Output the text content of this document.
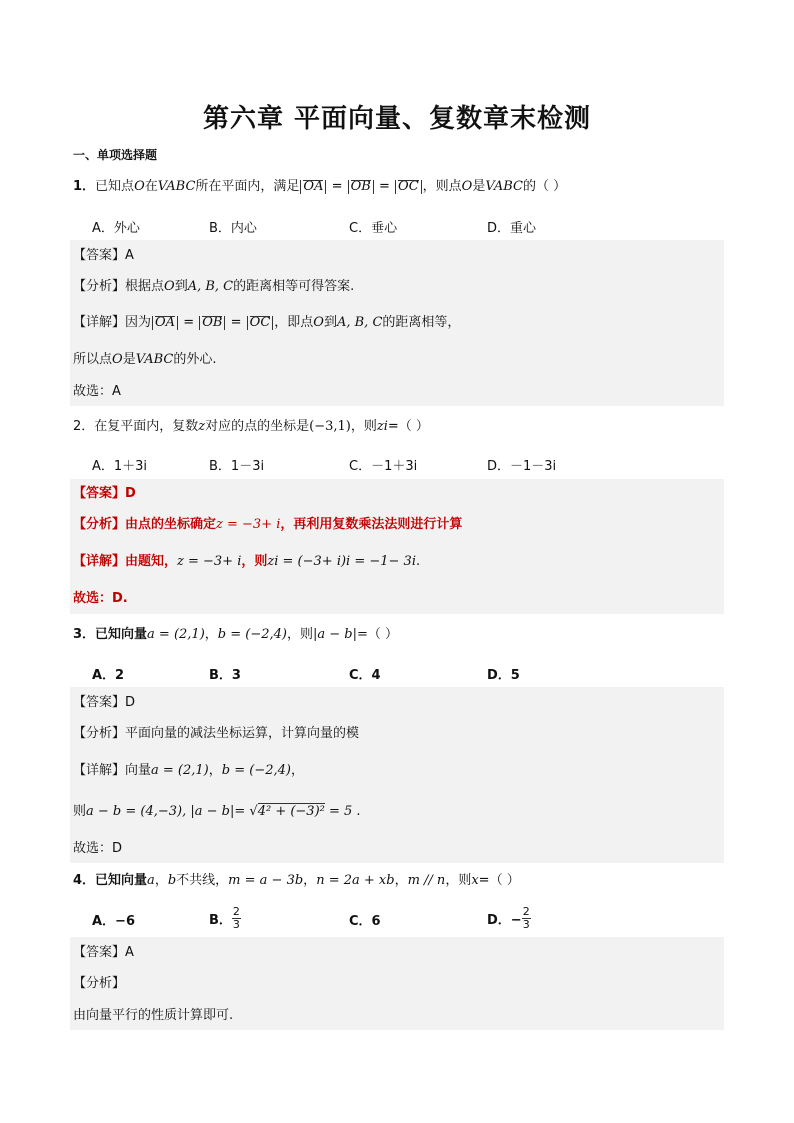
第六章 平面向量、复数章末检测
一、单项选择题
1．已知点O在VABC所在平面内，满足 OA = OB = OC ，则点O是VABC的（ ）
A．外心	B．内心	C．垂心	D．重心
【答案】A
【分析】根据点O到A, B, C的距离相等可得答案.
【详解】因为 OA = OB = OC ，即点O到A, B, C的距离相等，
所以点O是VABC的外心.
故选：A
2．在复平面内，复数z对应的点的坐标是(−3,1)，则zi=（ ）
A．1＋3i	B．1－3i	C．－1＋3i	D．－1－3i
【答案】D
【分析】由点的坐标确定z = −3+ i，再利用复数乘法法则进行计算
【详解】由题知，z = −3+ i，则zi = (−3+ i)i = −1− 3i.
故选：D.
3．已知向量a = (2,1)，b = (−2,4)，则|a − b|=（ ）
A．2	B．3	C．4	D．5
【答案】D
【分析】平面向量的减法坐标运算，计算向量的模
【详解】向量a = (2,1)，b = (−2,4)，
则a − b = (4,−3), |a − b|= √4² + (−3)² = 5 .
故选：D
4．已知向量a，b不共线，m = a − 3b，n = 2a + xb，m // n，则x=（ ）
A．−6	B． $\frac{2}{3}$	C．6	D．− $\frac{2}{3}$
【答案】A
【分析】
由向量平行的性质计算即可.
